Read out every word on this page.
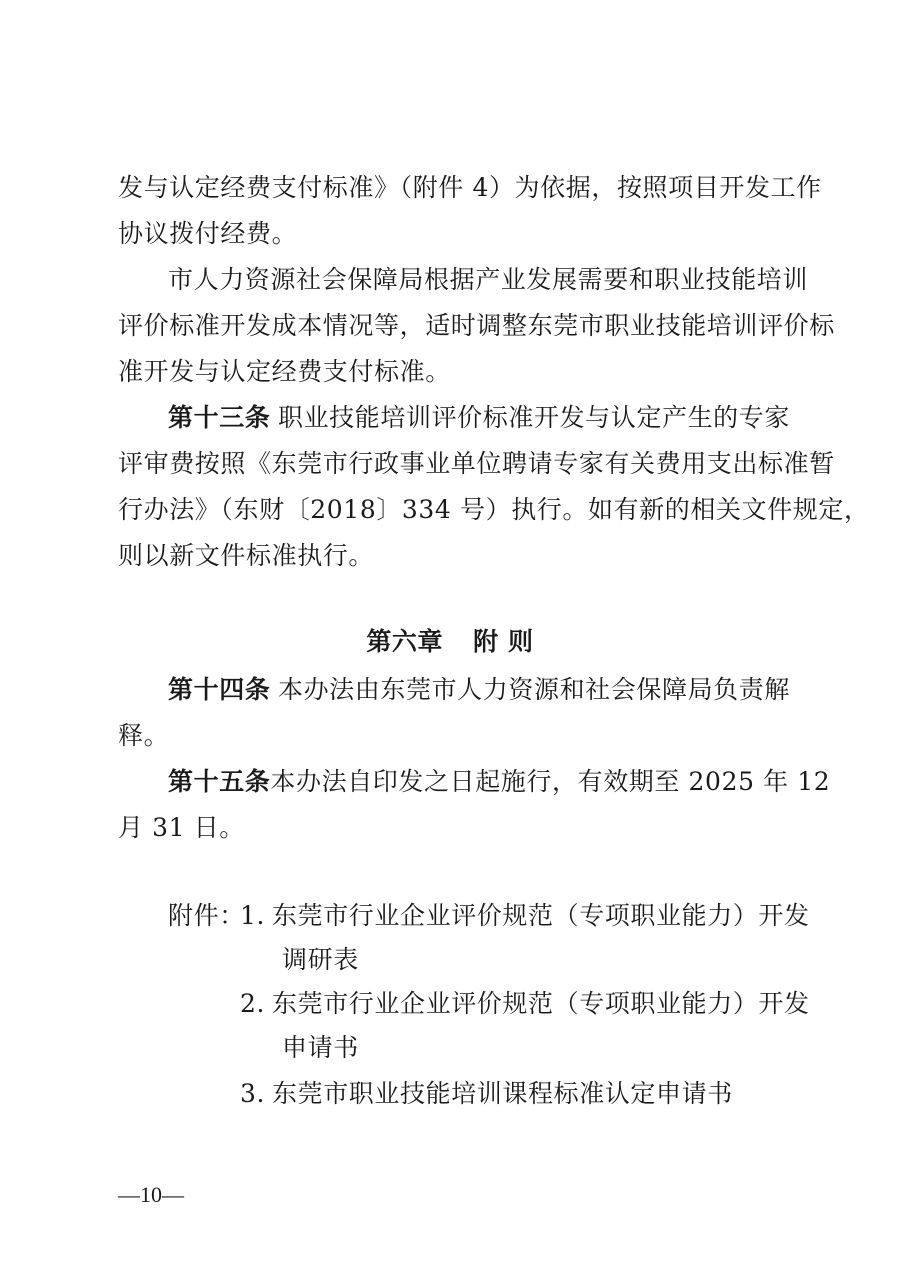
发与认定经费支付标准》（附件 4）为依据，按照项目开发工作
协议拨付经费。
市人力资源社会保障局根据产业发展需要和职业技能培训
评价标准开发成本情况等，适时调整东莞市职业技能培训评价标
准开发与认定经费支付标准。
第十三条 职业技能培训评价标准开发与认定产生的专家
评审费按照《东莞市行政事业单位聘请专家有关费用支出标准暂
行办法》（东财〔2018〕334 号）执行。如有新的相关文件规定，
则以新文件标准执行。
第六章 附 则
第十四条 本办法由东莞市人力资源和社会保障局负责解
释。
第十五条 本办法自印发之日起施行，有效期至 2025 年 12
月 31 日。
附件：
1. 东莞市行业企业评价规范（专项职业能力）开发
调研表
2. 东莞市行业企业评价规范（专项职业能力）开发
申请书
3. 东莞市职业技能培训课程标准认定申请书
—10—
